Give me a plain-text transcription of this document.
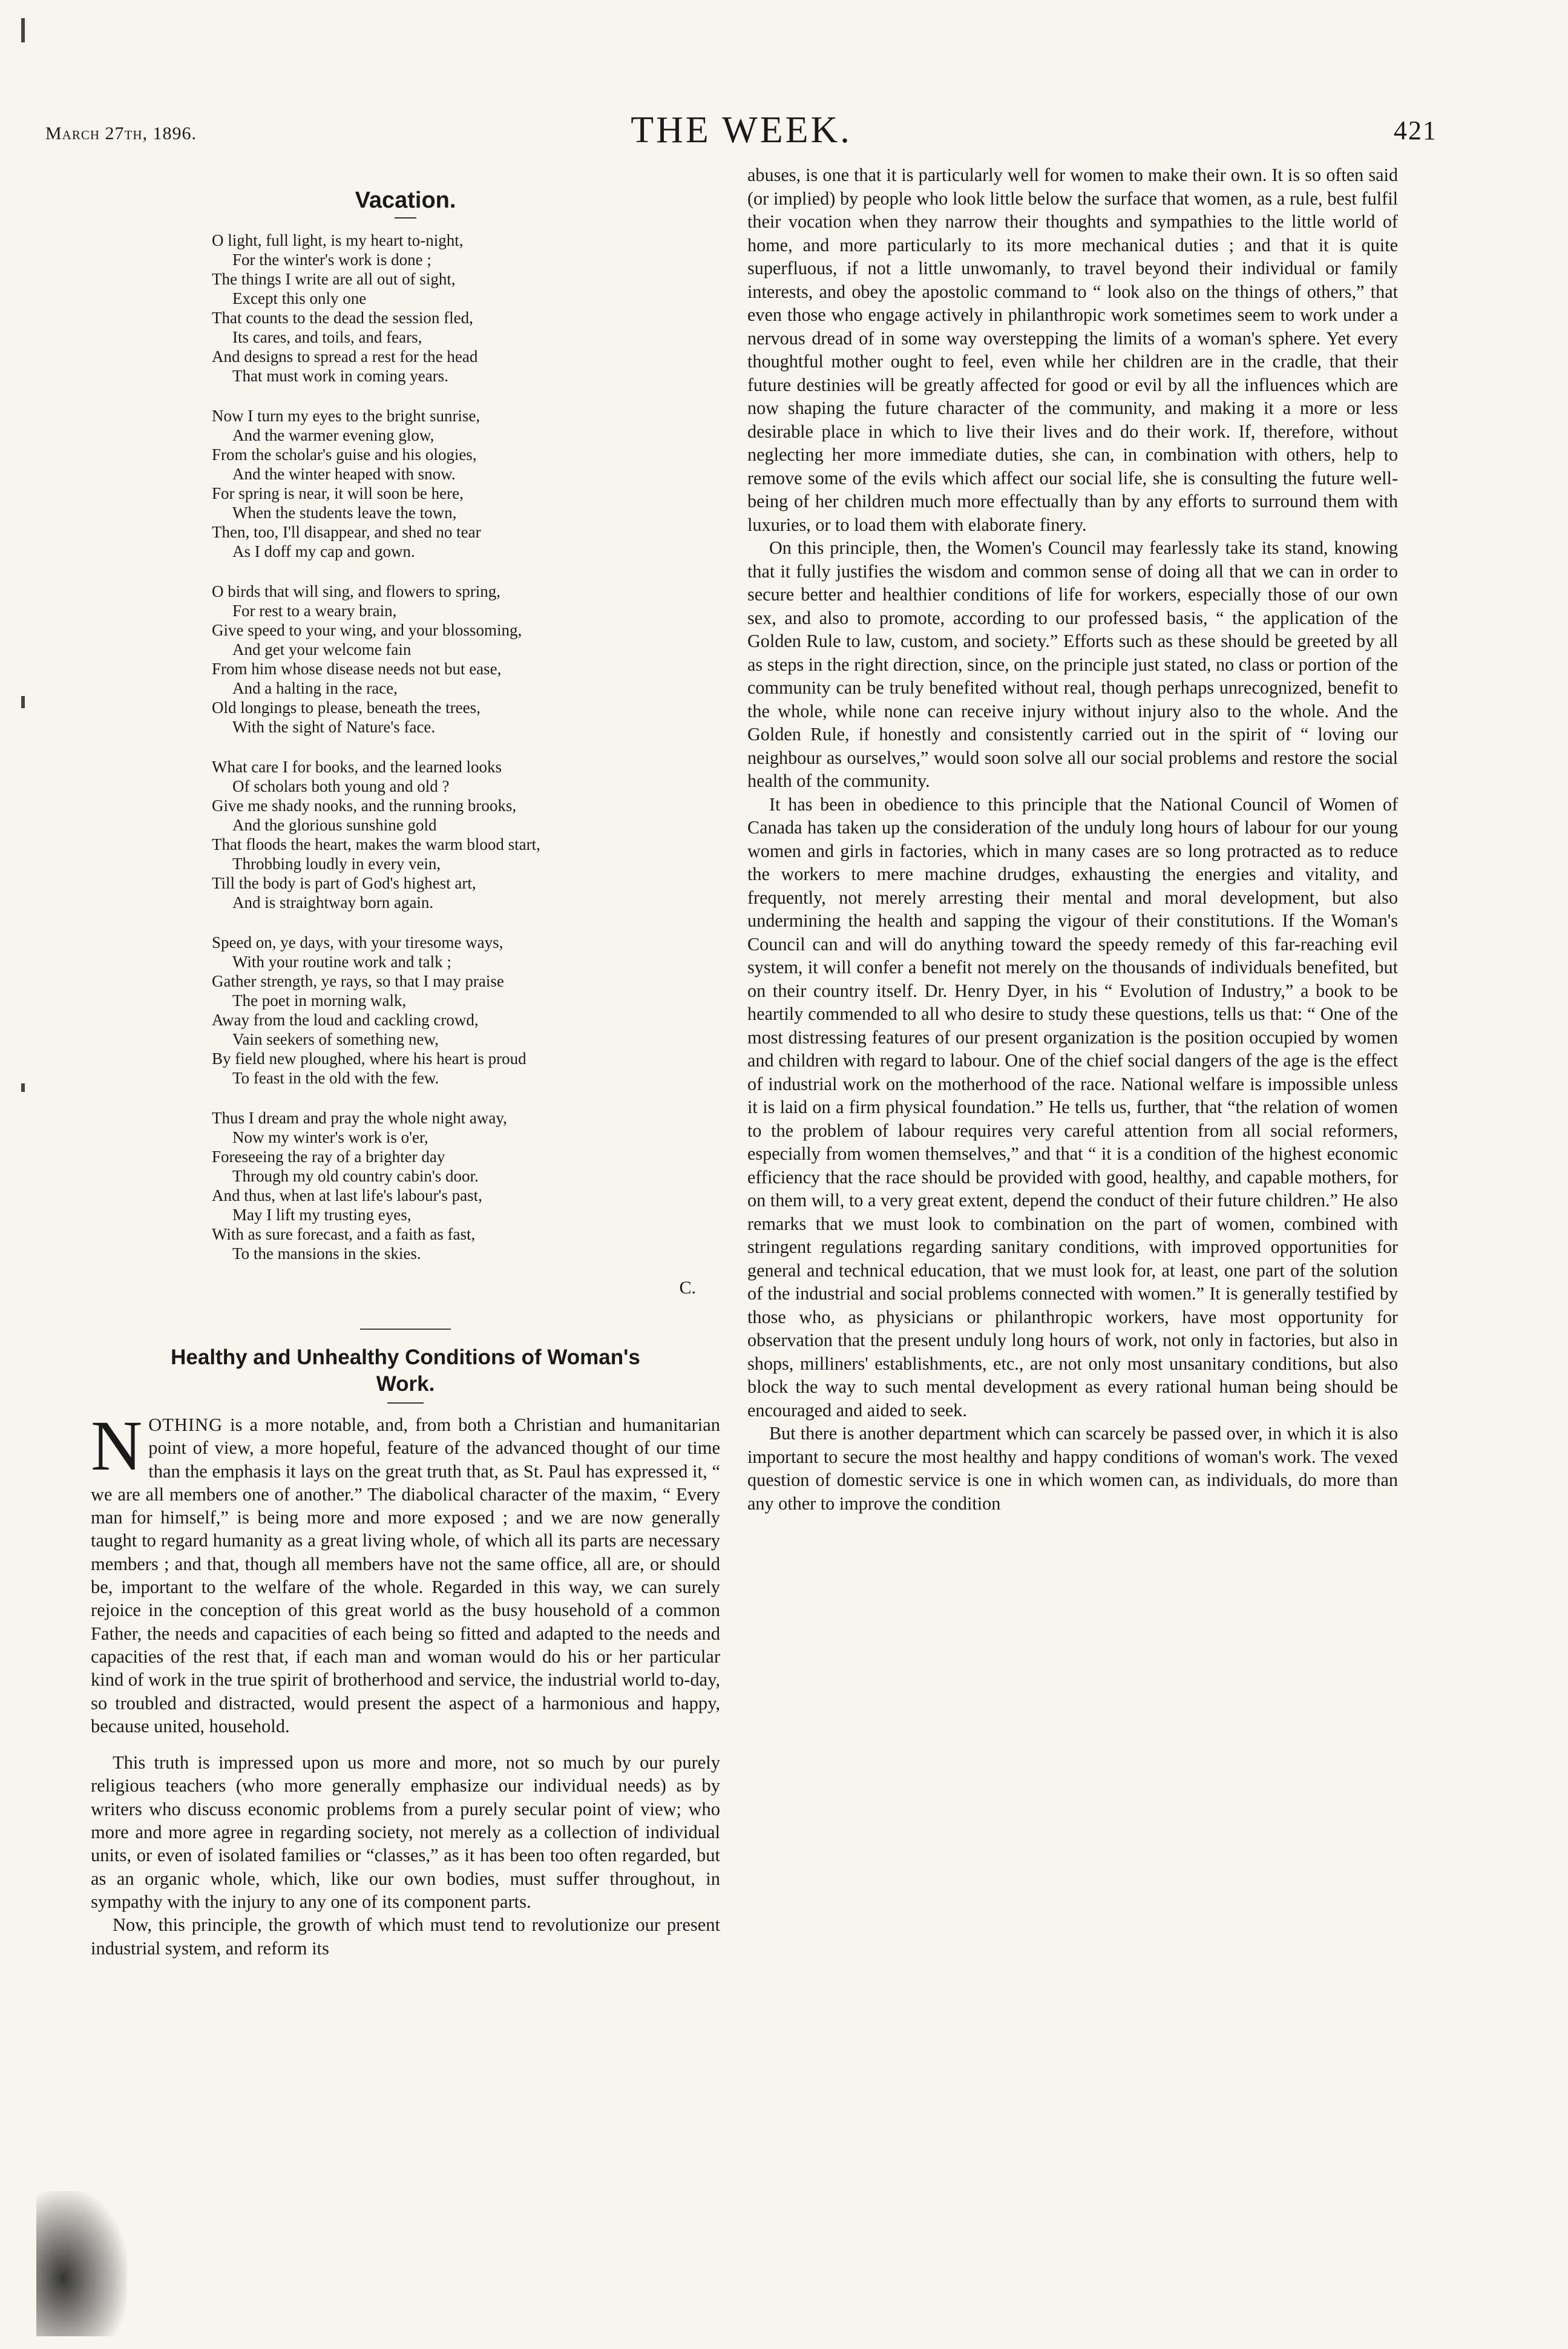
March 27th, 1896.	THE WEEK.	421
Vacation.
O light, full light, is my heart to-night,
For the winter's work is done ;
The things I write are all out of sight,
Except this only one
That counts to the dead the session fled,
Its cares, and toils, and fears,
And designs to spread a rest for the head
That must work in coming years.
Now I turn my eyes to the bright sunrise,
And the warmer evening glow,
From the scholar's guise and his ologies,
And the winter heaped with snow.
For spring is near, it will soon be here,
When the students leave the town,
Then, too, I'll disappear, and shed no tear
As I doff my cap and gown.
O birds that will sing, and flowers to spring,
For rest to a weary brain,
Give speed to your wing, and your blossoming,
And get your welcome fain
From him whose disease needs not but ease,
And a halting in the race,
Old longings to please, beneath the trees,
With the sight of Nature's face.
What care I for books, and the learned looks
Of scholars both young and old ?
Give me shady nooks, and the running brooks,
And the glorious sunshine gold
That floods the heart, makes the warm blood start,
Throbbing loudly in every vein,
Till the body is part of God's highest art,
And is straightway born again.
Speed on, ye days, with your tiresome ways,
With your routine work and talk ;
Gather strength, ye rays, so that I may praise
The poet in morning walk,
Away from the loud and cackling crowd,
Vain seekers of something new,
By field new ploughed, where his heart is proud
To feast in the old with the few.
Thus I dream and pray the whole night away,
Now my winter's work is o'er,
Foreseeing the ray of a brighter day
Through my old country cabin's door.
And thus, when at last life's labour's past,
May I lift my trusting eyes,
With as sure forecast, and a faith as fast,
To the mansions in the skies.
C.
Healthy and Unhealthy Conditions of Woman's
Work.

NOTHING is a more notable, and, from both a Christian and humanitarian point of view, a more hopeful, feature of the advanced thought of our time than the emphasis it lays on the great truth that, as St. Paul has expressed it, “ we are all members one of another.” The diabolical character of the maxim, “ Every man for himself,” is being more and more exposed ; and we are now generally taught to regard humanity as a great living whole, of which all its parts are necessary members ; and that, though all members have not the same office, all are, or should be, important to the welfare of the whole. Regarded in this way, we can surely rejoice in the conception of this great world as the busy household of a common Father, the needs and capacities of each being so fitted and adapted to the needs and capacities of the rest that, if each man and woman would do his or her particular kind of work in the true spirit of brotherhood and service, the industrial world to-day, so troubled and distracted, would present the aspect of a harmonious and happy, because united, household.

This truth is impressed upon us more and more, not so much by our purely religious teachers (who more generally emphasize our individual needs) as by writers who discuss economic problems from a purely secular point of view; who more and more agree in regarding society, not merely as a collection of individual units, or even of isolated families or “classes,” as it has been too often regarded, but as an organic whole, which, like our own bodies, must suffer throughout, in sympathy with the injury to any one of its component parts.

Now, this principle, the growth of which must tend to revolutionize our present industrial system, and reform its

abuses, is one that it is particularly well for women to make their own. It is so often said (or implied) by people who look little below the surface that women, as a rule, best fulfil their vocation when they narrow their thoughts and sympathies to the little world of home, and more particularly to its more mechanical duties ; and that it is quite superfluous, if not a little unwomanly, to travel beyond their individual or family interests, and obey the apostolic command to “ look also on the things of others,” that even those who engage actively in philanthropic work sometimes seem to work under a nervous dread of in some way overstepping the limits of a woman's sphere. Yet every thoughtful mother ought to feel, even while her children are in the cradle, that their future destinies will be greatly affected for good or evil by all the influences which are now shaping the future character of the community, and making it a more or less desirable place in which to live their lives and do their work. If, therefore, without neglecting her more immediate duties, she can, in combination with others, help to remove some of the evils which affect our social life, she is consulting the future well-being of her children much more effectually than by any efforts to surround them with luxuries, or to load them with elaborate finery.

On this principle, then, the Women's Council may fearlessly take its stand, knowing that it fully justifies the wisdom and common sense of doing all that we can in order to secure better and healthier conditions of life for workers, especially those of our own sex, and also to promote, according to our professed basis, “ the application of the Golden Rule to law, custom, and society.” Efforts such as these should be greeted by all as steps in the right direction, since, on the principle just stated, no class or portion of the community can be truly benefited without real, though perhaps unrecognized, benefit to the whole, while none can receive injury without injury also to the whole. And the Golden Rule, if honestly and consistently carried out in the spirit of “ loving our neighbour as ourselves,” would soon solve all our social problems and restore the social health of the community.

It has been in obedience to this principle that the National Council of Women of Canada has taken up the consideration of the unduly long hours of labour for our young women and girls in factories, which in many cases are so long protracted as to reduce the workers to mere machine drudges, exhausting the energies and vitality, and frequently, not merely arresting their mental and moral development, but also undermining the health and sapping the vigour of their constitutions. If the Woman's Council can and will do anything toward the speedy remedy of this far-reaching evil system, it will confer a benefit not merely on the thousands of individuals benefited, but on their country itself. Dr. Henry Dyer, in his “ Evolution of Industry,” a book to be heartily commended to all who desire to study these questions, tells us that: “ One of the most distressing features of our present organization is the position occupied by women and children with regard to labour. One of the chief social dangers of the age is the effect of industrial work on the motherhood of the race. National welfare is impossible unless it is laid on a firm physical foundation.” He tells us, further, that “the relation of women to the problem of labour requires very careful attention from all social reformers, especially from women themselves,” and that “ it is a condition of the highest economic efficiency that the race should be provided with good, healthy, and capable mothers, for on them will, to a very great extent, depend the conduct of their future children.” He also remarks that we must look to combination on the part of women, combined with stringent regulations regarding sanitary conditions, with improved opportunities for general and technical education, that we must look for, at least, one part of the solution of the industrial and social problems connected with women.” It is generally testified by those who, as physicians or philanthropic workers, have most opportunity for observation that the present unduly long hours of work, not only in factories, but also in shops, milliners' establishments, etc., are not only most unsanitary conditions, but also block the way to such mental development as every rational human being should be encouraged and aided to seek.

But there is another department which can scarcely be passed over, in which it is also important to secure the most healthy and happy conditions of woman's work. The vexed question of domestic service is one in which women can, as individuals, do more than any other to improve the condition
